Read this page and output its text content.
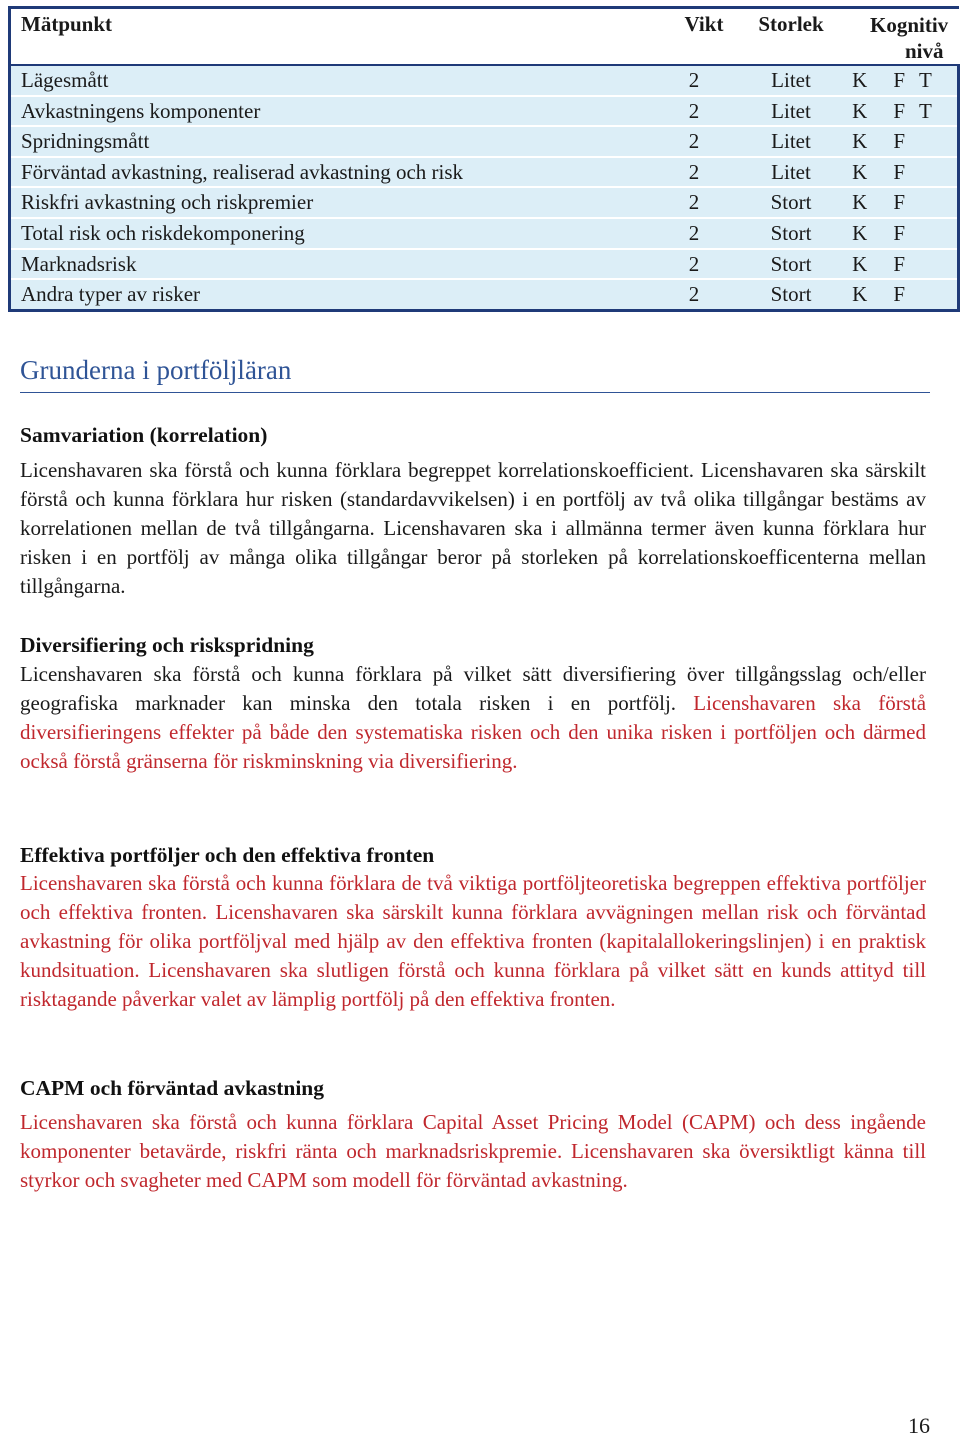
Mätpunkt	Vikt	Storlek	Kognitiv
nivå		

Lägesmått	2	Litet	K	F	T
Avkastningens komponenter	2	Litet	K	F	T
Spridningsmått	2	Litet	K	F	
Förväntad avkastning, realiserad avkastning och risk	2	Litet	K	F	
Riskfri avkastning och riskpremier	2	Stort	K	F	
Total risk och riskdekomponering	2	Stort	K	F	
Marknadsrisk	2	Stort	K	F	
Andra typer av risker	2	Stort	K	F	
Grunderna i portföljläran
Samvariation (korrelation)
Licenshavaren ska förstå och kunna förklara begreppet korrelationskoefficient. Licenshavaren ska särskilt förstå och kunna förklara hur risken (standardavvikelsen) i en portfölj av två olika tillgångar bestäms av korrelationen mellan de två tillgångarna. Licenshavaren ska i allmänna termer även kunna förklara hur risken i en portfölj av många olika tillgångar beror på storleken på korrelationskoefficenterna mellan tillgångarna.
Diversifiering och riskspridning
Licenshavaren ska förstå och kunna förklara på vilket sätt diversifiering över tillgångsslag och/eller geografiska marknader kan minska den totala risken i en portfölj. Licenshavaren ska förstå diversifieringens effekter på både den systematiska risken och den unika risken i portföljen och därmed också förstå gränserna för riskminskning via diversifiering.
Effektiva portföljer och den effektiva fronten
Licenshavaren ska förstå och kunna förklara de två viktiga portföljteoretiska begreppen effektiva portföljer och effektiva fronten. Licenshavaren ska särskilt kunna förklara avvägningen mellan risk och förväntad avkastning för olika portföljval med hjälp av den effektiva fronten (kapitalallokeringslinjen) i en praktisk kundsituation. Licenshavaren ska slutligen förstå och kunna förklara på vilket sätt en kunds attityd till risktagande påverkar valet av lämplig portfölj på den effektiva fronten.
CAPM och förväntad avkastning
Licenshavaren ska förstå och kunna förklara Capital Asset Pricing Model (CAPM) och dess ingående komponenter betavärde, riskfri ränta och marknadsriskpremie. Licenshavaren ska översiktligt känna till styrkor och svagheter med CAPM som modell för förväntad avkastning.
16
